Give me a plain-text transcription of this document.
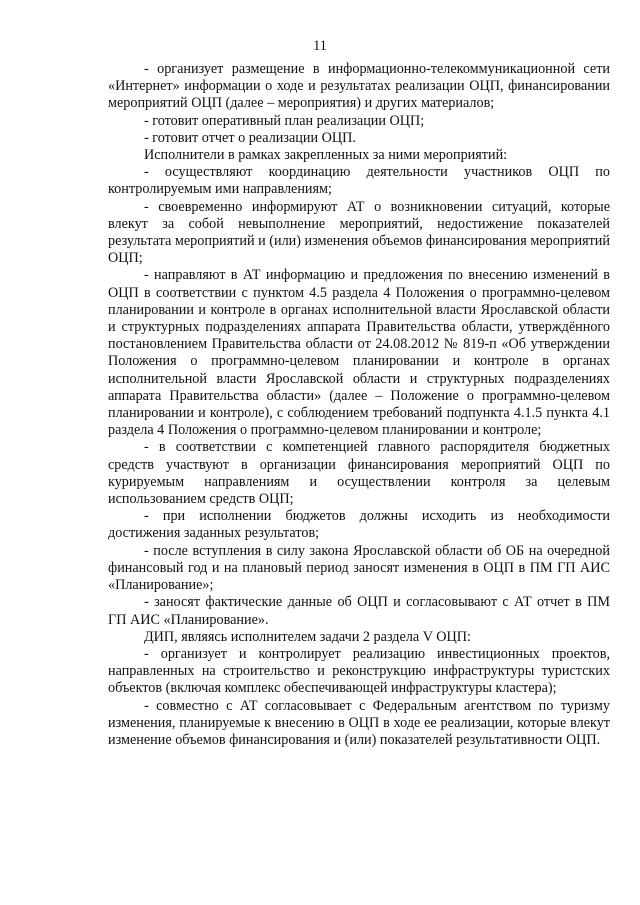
11

- организует размещение в информационно-телекоммуникационной сети «Интернет» информации о ходе и результатах реализации ОЦП, финансировании мероприятий ОЦП (далее – мероприятия) и других материалов;

- готовит оперативный план реализации ОЦП;

- готовит отчет о реализации ОЦП.

Исполнители в рамках закрепленных за ними мероприятий:

- осуществляют координацию деятельности участников ОЦП по контролируемым ими направлениям;

- своевременно информируют АТ о возникновении ситуаций, которые влекут за собой невыполнение мероприятий, недостижение показателей результата мероприятий и (или) изменения объемов финансирования мероприятий ОЦП;

- направляют в АТ информацию и предложения по внесению изменений в ОЦП в соответствии с пунктом 4.5 раздела 4 Положения о программно-целевом планировании и контроле в органах исполнительной власти Ярославской области и структурных подразделениях аппарата Правительства области, утверждённого постановлением Правительства области от 24.08.2012 № 819-п «Об утверждении Положения о программно-целевом планировании и контроле в органах исполнительной власти Ярославской области и структурных подразделениях аппарата Правительства области» (далее – Положение о программно-целевом планировании и контроле), с соблюдением требований подпункта 4.1.5 пункта 4.1 раздела 4 Положения о программно-целевом планировании и контроле;

- в соответствии с компетенцией главного распорядителя бюджетных средств участвуют в организации финансирования мероприятий ОЦП по курируемым направлениям и осуществлении контроля за целевым использованием средств ОЦП;

- при исполнении бюджетов должны исходить из необходимости достижения заданных результатов;

- после вступления в силу закона Ярославской области об ОБ на очередной финансовый год и на плановый период заносят изменения в ОЦП в ПМ ГП АИС «Планирование»;

- заносят фактические данные об ОЦП и согласовывают с АТ отчет в ПМ ГП АИС «Планирование».

ДИП, являясь исполнителем задачи 2 раздела V ОЦП:

- организует и контролирует реализацию инвестиционных проектов, направленных на строительство и реконструкцию инфраструктуры туристских объектов (включая комплекс обеспечивающей инфраструктуры кластера);

- совместно с АТ согласовывает с Федеральным агентством по туризму изменения, планируемые к внесению в ОЦП в ходе ее реализации, которые влекут изменение объемов финансирования и (или) показателей результативности ОЦП.
